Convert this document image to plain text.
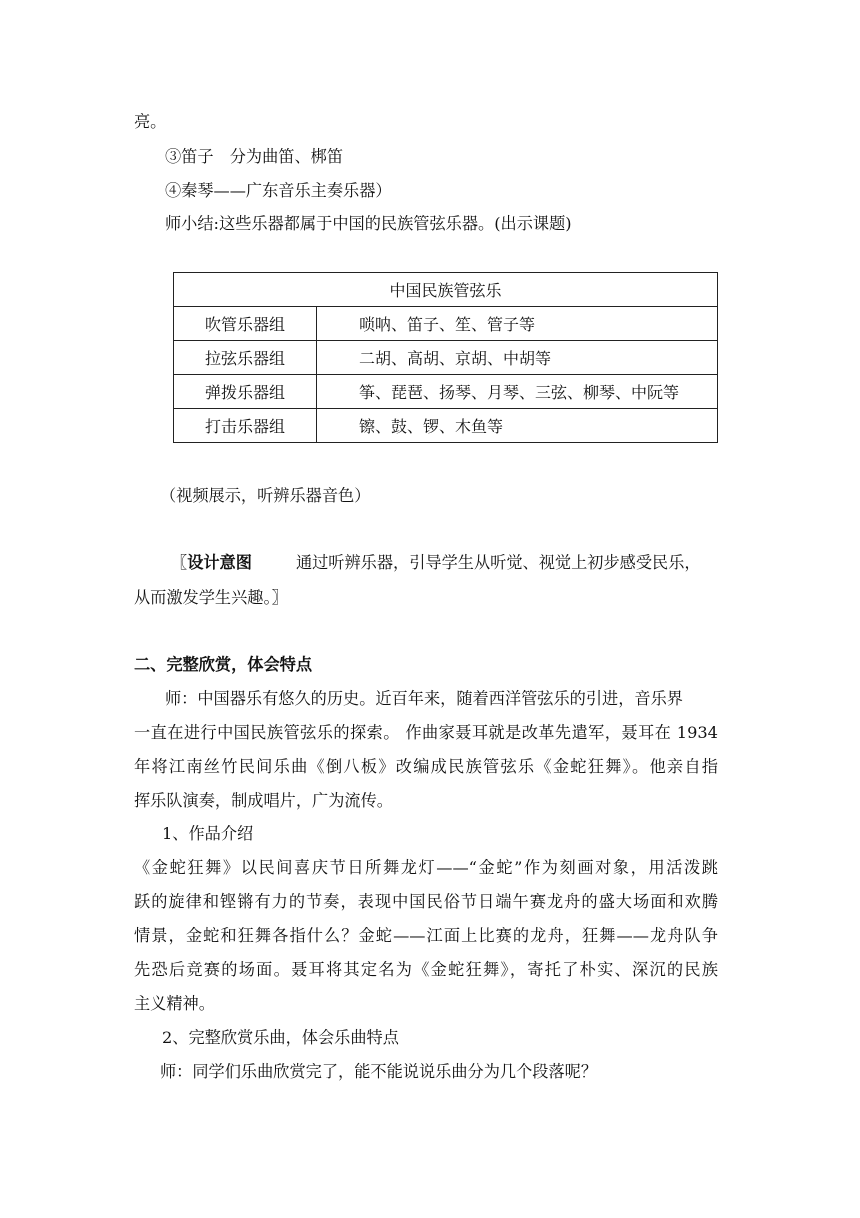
亮。
③笛子　分为曲笛、梆笛
④秦琴——广东音乐主奏乐器）
师小结:这些乐器都属于中国的民族管弦乐器。(出示课题)
中国民族管弦乐	
吹管乐器组	唢呐、笛子、笙、管子等
拉弦乐器组	二胡、高胡、京胡、中胡等
弹拨乐器组	筝、琵琶、扬琴、月琴、三弦、柳琴、中阮等
打击乐器组	镲、鼓、锣、木鱼等
（视频展示，听辨乐器音色）
〖设计意图	通过听辨乐器，引导学生从听觉、视觉上初步感受民乐，
从而激发学生兴趣。〗
二、完整欣赏，体会特点
师：中国器乐有悠久的历史。近百年来，随着西洋管弦乐的引进，音乐界
一直在进行中国民族管弦乐的探索。 作曲家聂耳就是改革先遣军，聂耳在 1934
年将江南丝竹民间乐曲《倒八板》改编成民族管弦乐《金蛇狂舞》。他亲自指
挥乐队演奏，制成唱片，广为流传。
1、作品介绍
《金蛇狂舞》以民间喜庆节日所舞龙灯——“金蛇”作为刻画对象，用活泼跳
跃的旋律和铿锵有力的节奏，表现中国民俗节日端午赛龙舟的盛大场面和欢腾
情景，金蛇和狂舞各指什么？金蛇——江面上比赛的龙舟，狂舞——龙舟队争
先恐后竞赛的场面。聂耳将其定名为《金蛇狂舞》，寄托了朴实、深沉的民族
主义精神。
2、完整欣赏乐曲，体会乐曲特点
师：同学们乐曲欣赏完了，能不能说说乐曲分为几个段落呢？
